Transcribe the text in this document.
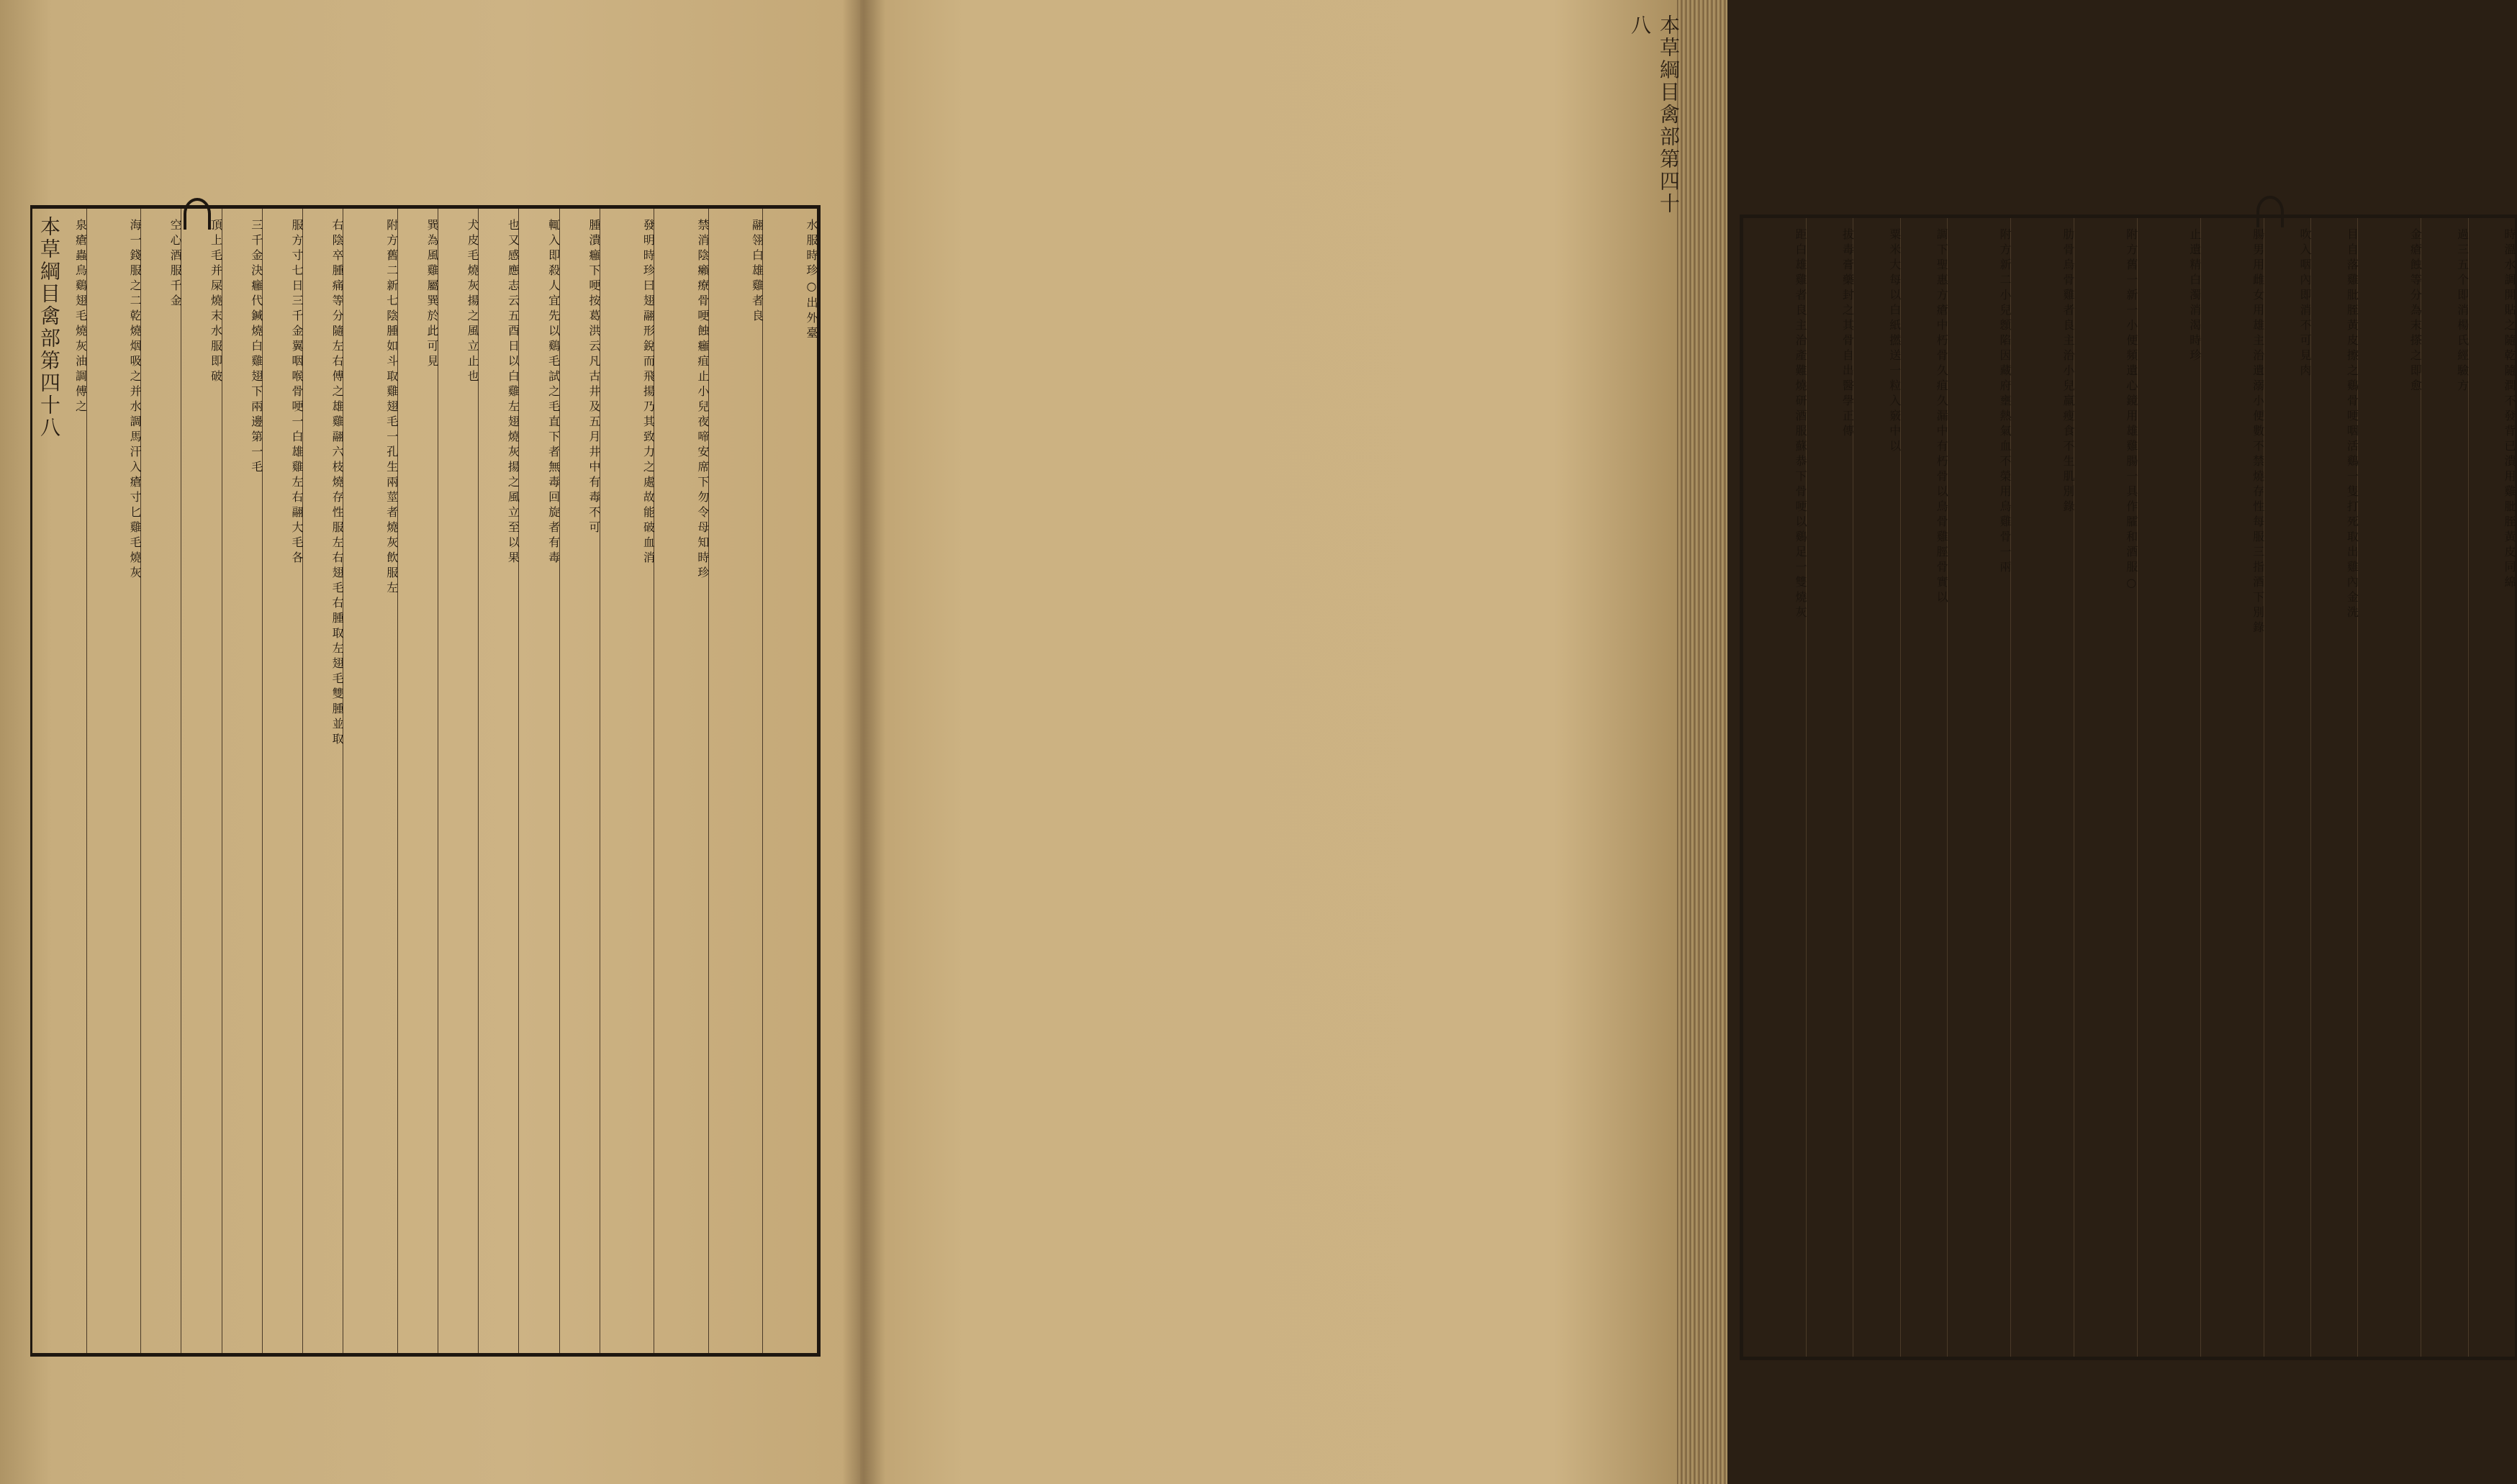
水服時珍○出外臺
翮翎白雄雞者良
禁消陰癩療骨哽蝕癰疽止小兒夜啼安席下勿令母知時珍
發明時珍曰翅翮形銳而飛揚乃其致力之處故能破血消
腫潰癰下哽按葛洪云凡古井及五月井中有毒不可
輒入即殺人宜先以鷄毛試之毛直下者無毒回旋者有毒
也又感應志云五酉日以白雞左翅燒灰揚之風立至以果
犬皮毛燒灰揚之風立止也
巽為風雞屬巽於此可見
附方舊二新七陰腫如斗取雞翅毛一孔生兩莖者燒灰飲服左
右陰卒腫痛等分隨左右傅之雄雞翮六枝燒存性服左右翅毛右腫取左翅毛雙腫並取
服方寸七日三千金翼咽喉骨哽一白雄雞左右翮大毛各
三千金決癰代鍼燒白雞翅下兩邊第一毛
頂上毛并屎燒末水服即破
空心酒服千金
海一錢服之二乾燒烟吸之并水調馬汗入瘡寸匕雞毛燒灰
泉瘡蟲烏鷄翅毛燒灰油調傅之	時溫水調開貼之隨乾隨潤不發背已潰用雞肶胵黃皮同綿
過三五个即消楊氏經驗方
金瘡蝕等分為末搽之即愈
目自落雞肶胵黃皮擦之鷄骨哽咽活鷄一隻打死取出雞內金洗
吹入咽內即消不可見肉
腸男用雌女用雄主治遺溺小便數不禁燒存性每服三指酒下別錄
止遺精白濁消渴時珍
附方舊一新一小便頻遺心鏡用雄雞腸一具作臛和酒服○
肋骨烏骨雞者良主治小兒羸瘦食不生肌別錄
附方新二小兒顖陷因藏府壅熱氣血不榮用烏雞骨一兩
調下聖惠方瘡中朽骨久疽久漏中有朽骨以烏骨雞脛骨實以
粟米大每以白紙撚送一粒入竅中以
拔毒膏藥封之其骨自出醫學正傳
距白雄雞者良主治產難燒研酒服蘇恭下骨哽以鷄足一雙燒灰
本草綱目禽部第四十八
本草綱目禽部第四十八
